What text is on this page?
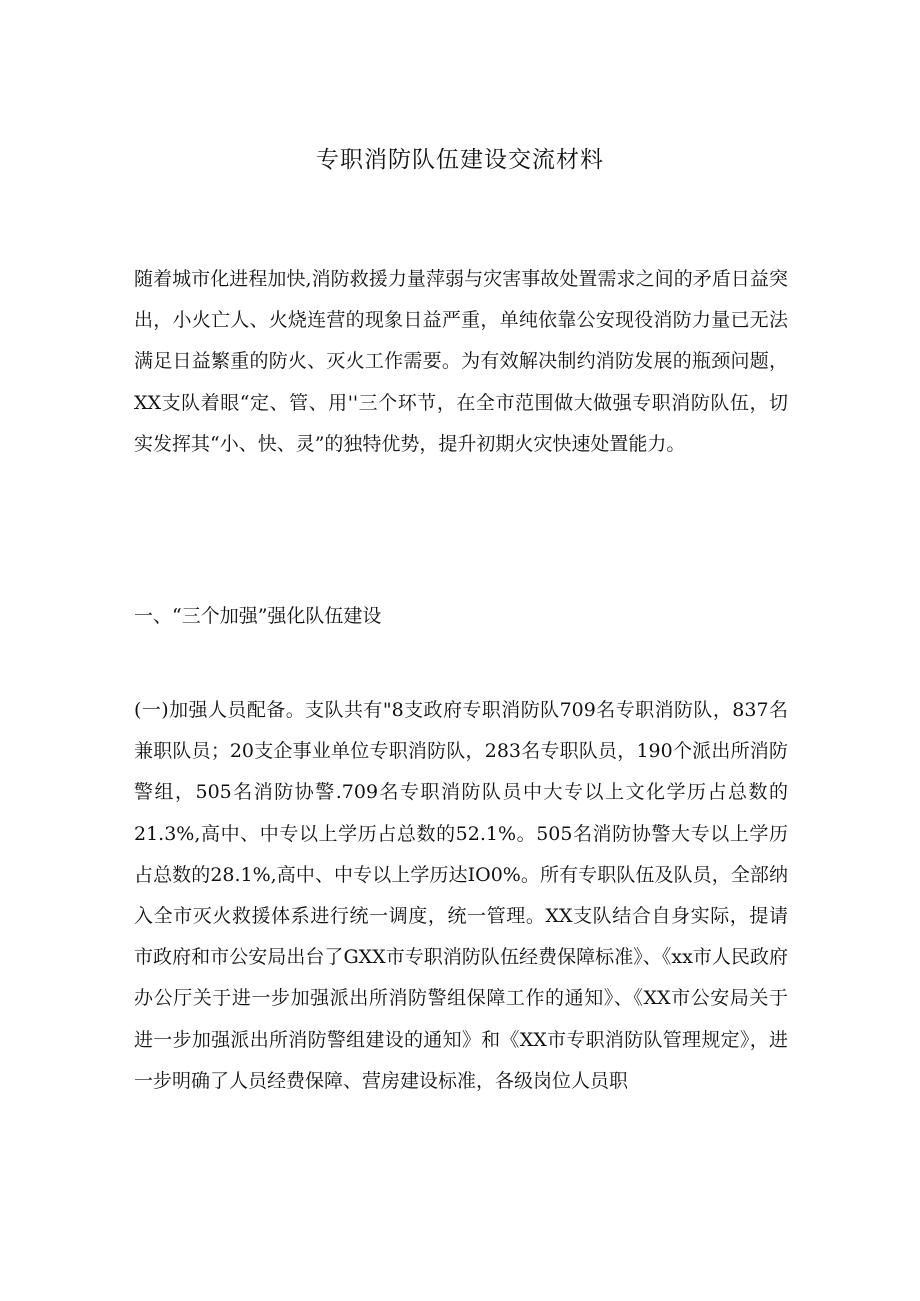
专职消防队伍建设交流材料

随着城市化进程加快,消防救援力量萍弱与灾害事故处置需求之间的矛盾日益突出，小火亡人、火烧连营的现象日益严重，单纯依靠公安现役消防力量已无法满足日益繁重的防火、灭火工作需要。为有效解决制约消防发展的瓶颈问题，XX支队着眼“定、管、用''三个环节，在全市范围做大做强专职消防队伍，切实发挥其“小、快、灵”的独特优势，提升初期火灾快速处置能力。

一、“三个加强”强化队伍建设

(一)加强人员配备。支队共有"8支政府专职消防队709名专职消防队，837名兼职队员；20支企事业单位专职消防队，283名专职队员，190个派出所消防警组，505名消防协警.709名专职消防队员中大专以上文化学历占总数的21.3%,高中、中专以上学历占总数的52.1%。505名消防协警大专以上学历占总数的28.1%,高中、中专以上学历达IO0%。所有专职队伍及队员，全部纳入全市灭火救援体系进行统一调度，统一管理。XX支队结合自身实际，提请市政府和市公安局出台了GXX市专职消防队伍经费保障标准》、《xx市人民政府办公厅关于进一步加强派出所消防警组保障工作的通知》、《XX市公安局关于进一步加强派出所消防警组建设的通知》和《XX市专职消防队管理规定》，进一步明确了人员经费保障、营房建设标准，各级岗位人员职
